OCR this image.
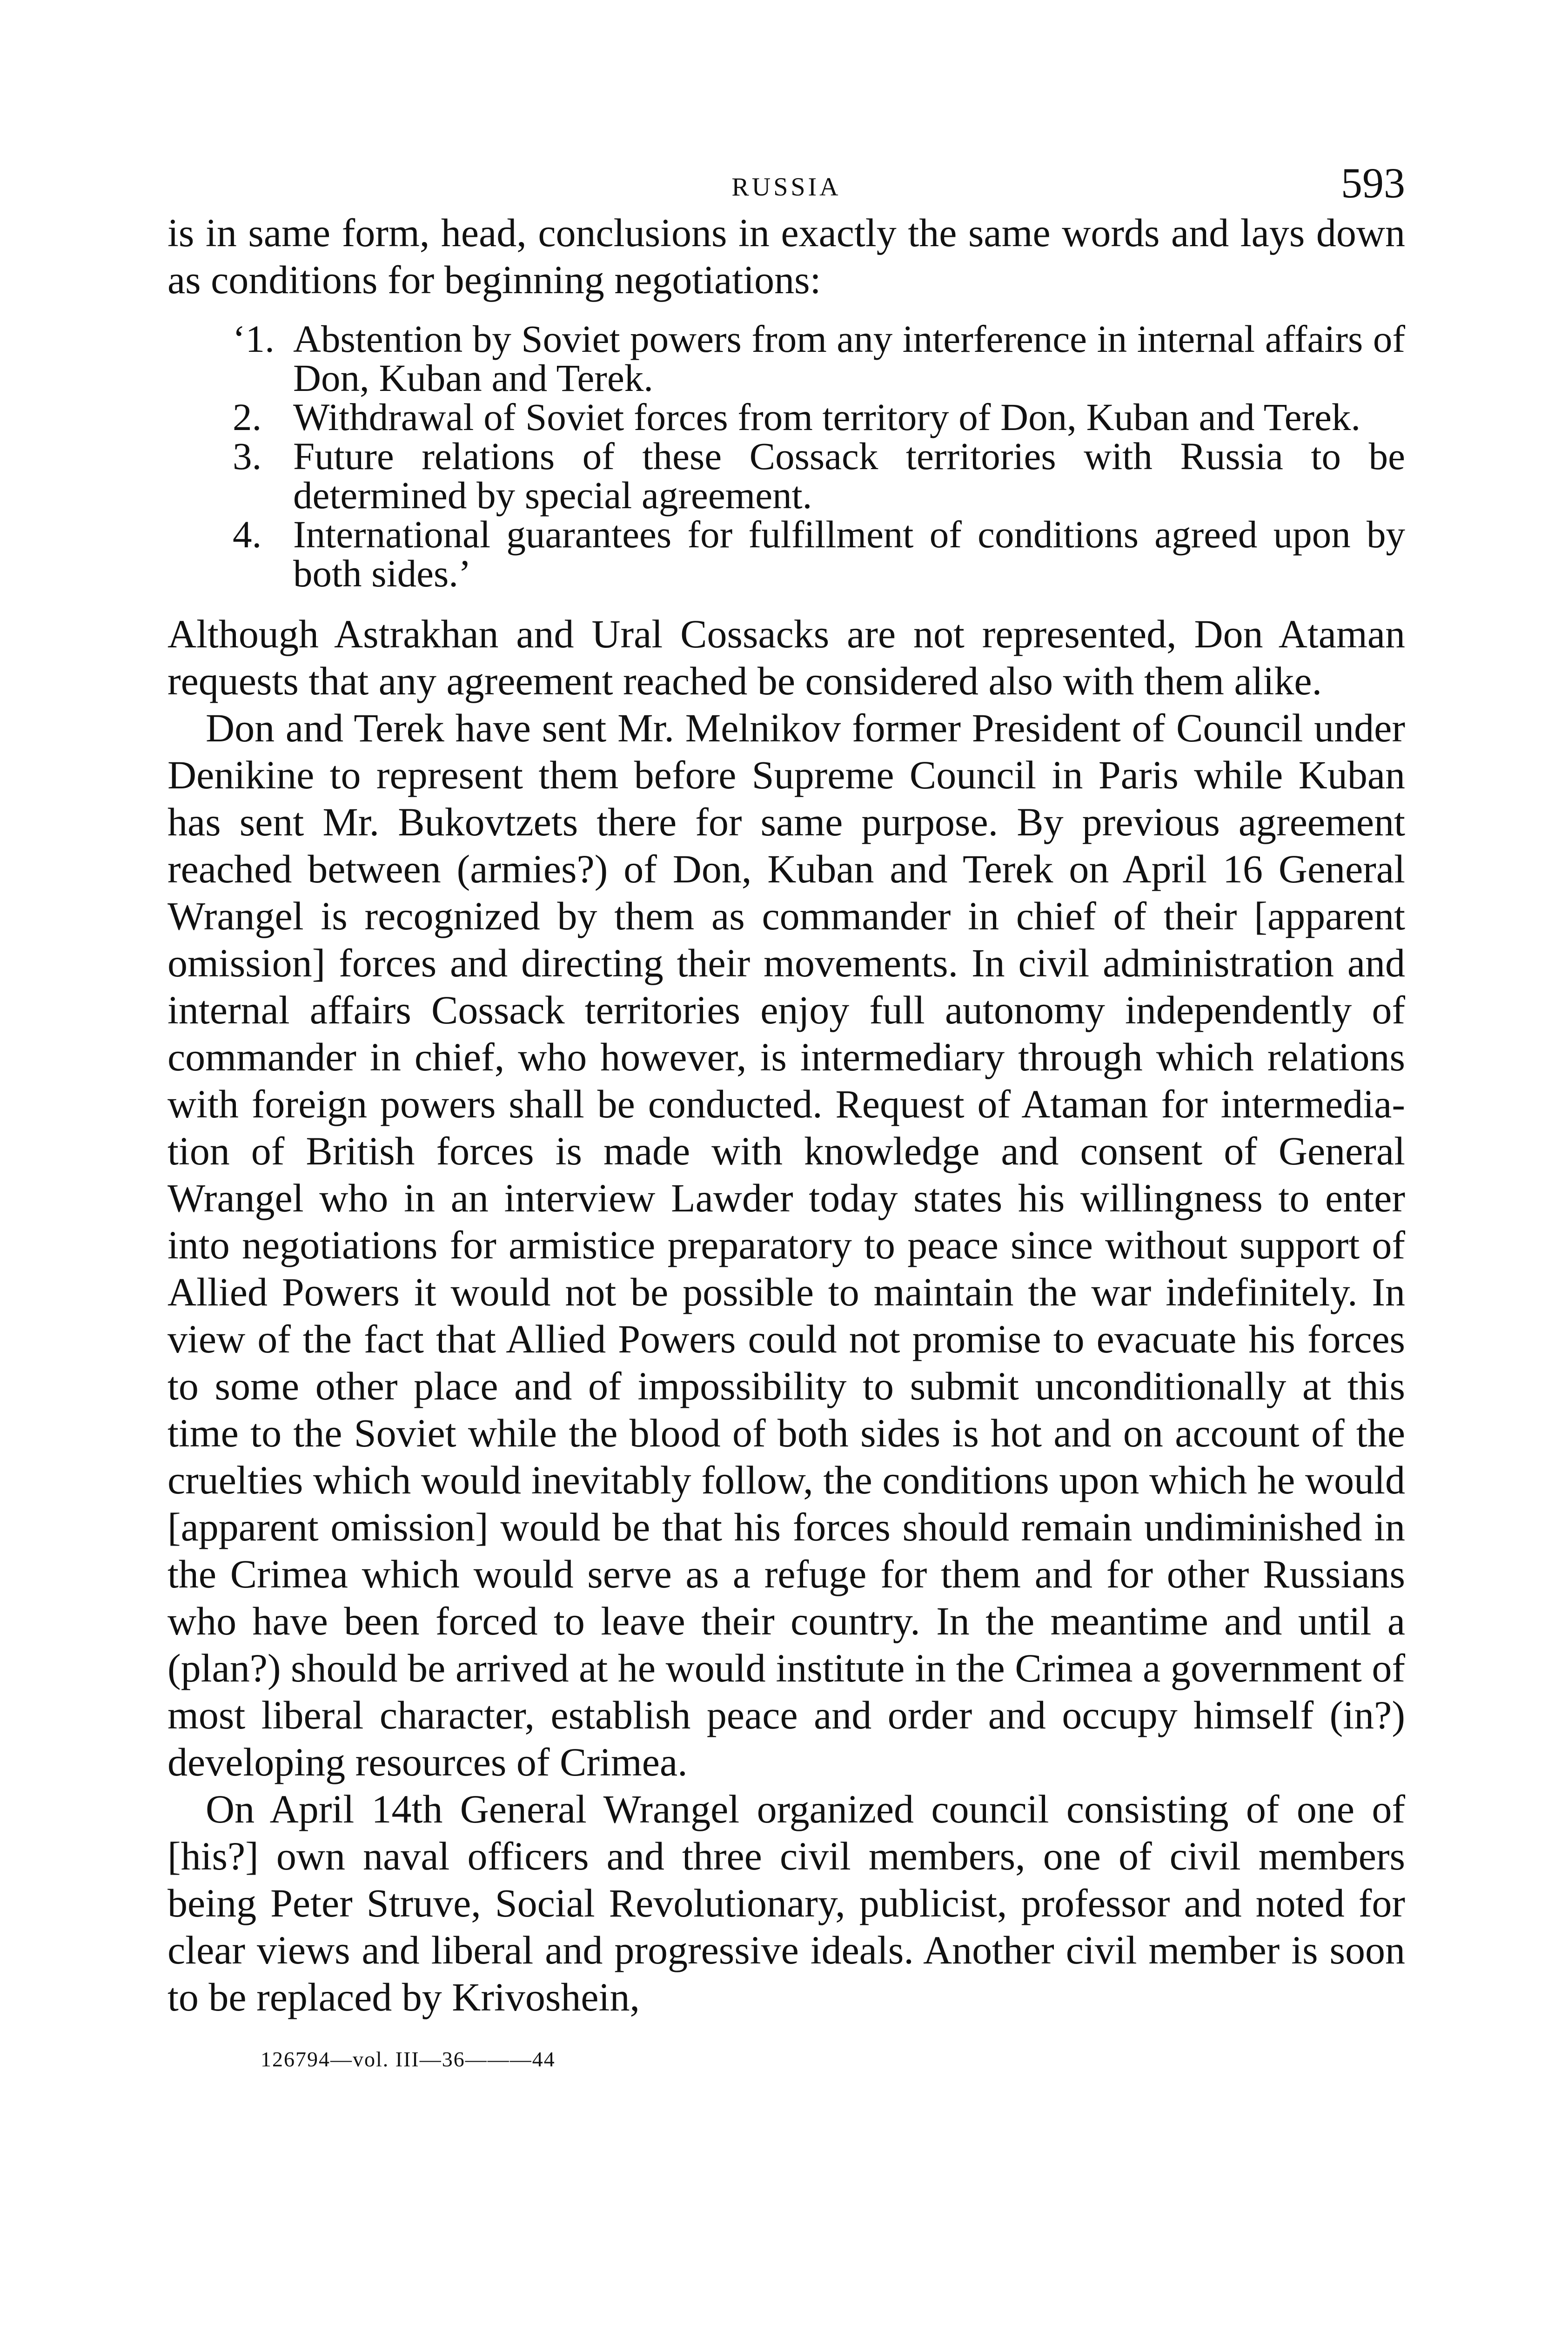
RUSSIA	593

is in same form, head, conclusions in exactly the same words and lays down as conditions for beginning negotiations:

‘1. Abstention by Soviet powers from any interference in internal affairs of Don, Kuban and Terek.
2. Withdrawal of Soviet forces from territory of Don, Kuban and Terek.
3. Future relations of these Cossack territories with Russia to be determined by special agreement.
4. International guarantees for fulfillment of conditions agreed upon by both sides.’

Although Astrakhan and Ural Cossacks are not represented, Don Ataman requests that any agreement reached be considered also with them alike.

Don and Terek have sent Mr. Melnikov former President of Council under Denikine to represent them before Supreme Council in Paris while Kuban has sent Mr. Bukovtzets there for same purpose. By previous agreement reached between (armies?) of Don, Kuban and Terek on April 16 General Wrangel is recognized by them as commander in chief of their [apparent omission] forces and directing their movements. In civil administration and internal affairs Cossack territories enjoy full autonomy independently of commander in chief, who however, is intermediary through which relations with foreign powers shall be conducted. Request of Ataman for intermediation of British forces is made with knowledge and consent of General Wrangel who in an interview Lawder today states his willingness to enter into negotiations for armistice preparatory to peace since without support of Allied Powers it would not be possible to maintain the war indefinitely. In view of the fact that Allied Powers could not promise to evacuate his forces to some other place and of impossibility to submit unconditionally at this time to the Soviet while the blood of both sides is hot and on account of the cruelties which would inevitably follow, the conditions upon which he would [apparent omission] would be that his forces should remain undiminished in the Crimea which would serve as a refuge for them and for other Russians who have been forced to leave their country. In the meantime and until a (plan?) should be arrived at he would institute in the Crimea a government of most liberal character, establish peace and order and occupy himself (in?) developing resources of Crimea.

On April 14th General Wrangel organized council consisting of one of [his?] own naval officers and three civil members, one of civil members being Peter Struve, Social Revolutionary, publicist, professor and noted for clear views and liberal and progressive ideals. Another civil member is soon to be replaced by Krivoshein,

126794—vol. III—36———44
